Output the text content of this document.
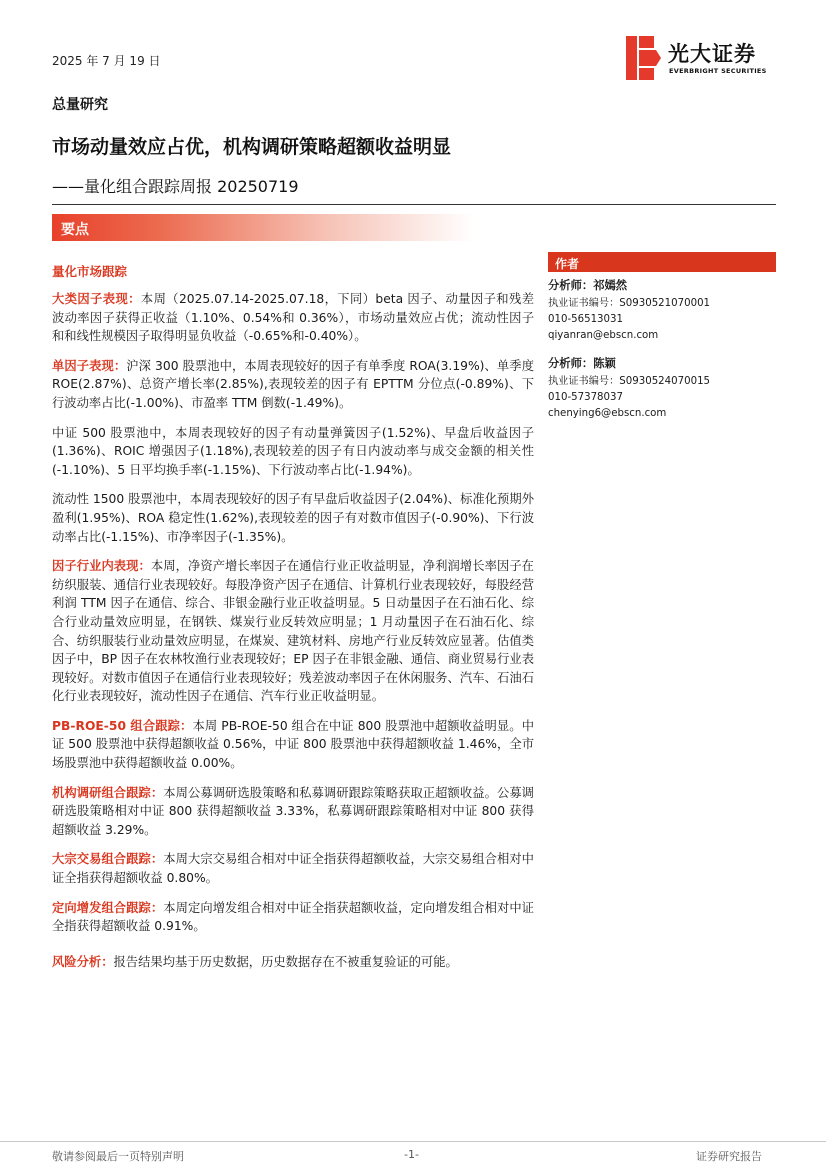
2025 年 7 月 19 日	光大证券
EVERBRIGHT SECURITIES
总量研究
市场动量效应占优，机构调研策略超额收益明显
——量化组合跟踪周报 20250719
要点
量化市场跟踪

大类因子表现：本周（2025.07.14-2025.07.18，下同）beta 因子、动量因子和残差波动率因子获得正收益（1.10%、0.54%和 0.36%），市场动量效应占优；流动性因子和和线性规模因子取得明显负收益（-0.65%和-0.40%）。

单因子表现：沪深 300 股票池中，本周表现较好的因子有单季度 ROA(3.19%)、单季度 ROE(2.87%)、总资产增长率(2.85%),表现较差的因子有 EPTTM 分位点(-0.89%)、下行波动率占比(-1.00%)、市盈率 TTM 倒数(-1.49%)。

中证 500 股票池中，本周表现较好的因子有动量弹簧因子(1.52%)、早盘后收益因子(1.36%)、ROIC 增强因子(1.18%),表现较差的因子有日内波动率与成交金额的相关性(-1.10%)、5 日平均换手率(-1.15%)、下行波动率占比(-1.94%)。

流动性 1500 股票池中，本周表现较好的因子有早盘后收益因子(2.04%)、标准化预期外盈利(1.95%)、ROA 稳定性(1.62%),表现较差的因子有对数市值因子(-0.90%)、下行波动率占比(-1.15%)、市净率因子(-1.35%)。

因子行业内表现：本周，净资产增长率因子在通信行业正收益明显，净利润增长率因子在纺织服装、通信行业表现较好。每股净资产因子在通信、计算机行业表现较好，每股经营利润 TTM 因子在通信、综合、非银金融行业正收益明显。5 日动量因子在石油石化、综合行业动量效应明显，在钢铁、煤炭行业反转效应明显；1 月动量因子在石油石化、综合、纺织服装行业动量效应明显，在煤炭、建筑材料、房地产行业反转效应显著。估值类因子中，BP 因子在农林牧渔行业表现较好；EP 因子在非银金融、通信、商业贸易行业表现较好。对数市值因子在通信行业表现较好；残差波动率因子在休闲服务、汽车、石油石化行业表现较好，流动性因子在通信、汽车行业正收益明显。

PB-ROE-50 组合跟踪：本周 PB-ROE-50 组合在中证 800 股票池中超额收益明显。中证 500 股票池中获得超额收益 0.56%，中证 800 股票池中获得超额收益 1.46%，全市场股票池中获得超额收益 0.00%。

机构调研组合跟踪：本周公募调研选股策略和私募调研跟踪策略获取正超额收益。公募调研选股策略相对中证 800 获得超额收益 3.33%，私募调研跟踪策略相对中证 800 获得超额收益 3.29%。

大宗交易组合跟踪：本周大宗交易组合相对中证全指获得超额收益，大宗交易组合相对中证全指获得超额收益 0.80%。

定向增发组合跟踪：本周定向增发组合相对中证全指获超额收益，定向增发组合相对中证全指获得超额收益 0.91%。

风险分析：报告结果均基于历史数据，历史数据存在不被重复验证的可能。

作者
分析师：祁嫣然
执业证书编号：S0930521070001
010-56513031
qiyanran@ebscn.com
分析师：陈颖
执业证书编号：S0930524070015
010-57378037
chenying6@ebscn.com
敬请参阅最后一页特别声明	-1-	证券研究报告
